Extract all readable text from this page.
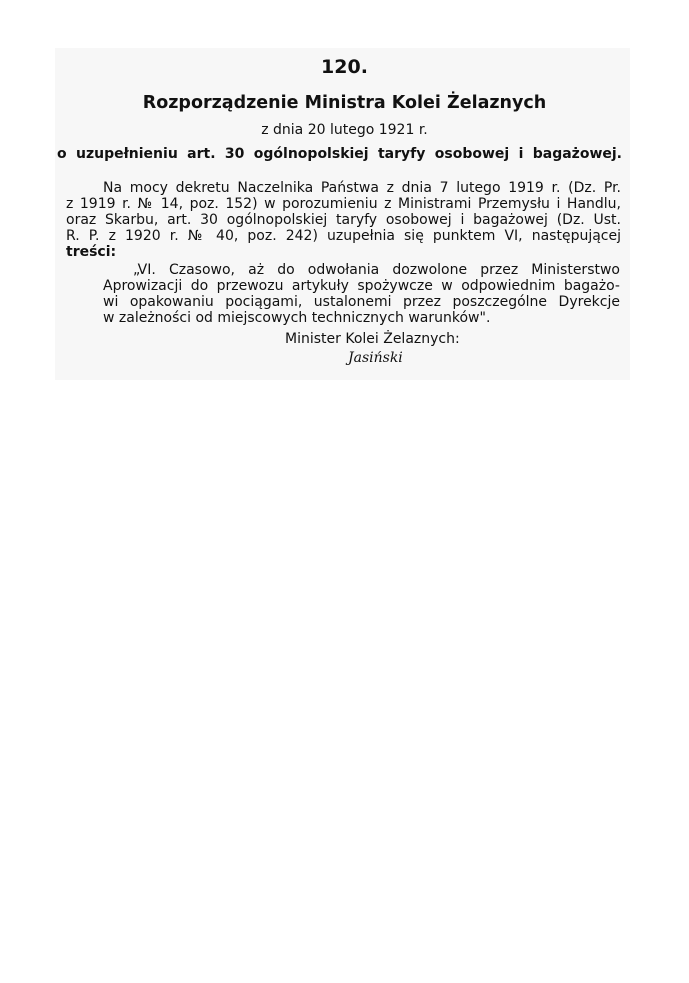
120.
Rozporządzenie Ministra Kolei Żelaznych
z dnia 20 lutego 1921 r.
o uzupełnieniu art. 30 ogólnopolskiej taryfy osobowej i bagażowej.
Na mocy dekretu Naczelnika Państwa z dnia 7 lutego 1919 r. (Dz. Pr.
z 1919 r. № 14, poz. 152) w porozumieniu z Ministrami Przemysłu i Handlu,
oraz Skarbu, art. 30 ogólnopolskiej taryfy osobowej i bagażowej (Dz. Ust.
R. P. z 1920 r. № 40, poz. 242) uzupełnia się punktem VI, następującej
treści:
„VI. Czasowo, aż do odwołania dozwolone przez Ministerstwo
Aprowizacji do przewozu artykuły spożywcze w odpowiednim bagażo-
wi opakowaniu pociągami, ustalonemi przez poszczególne Dyrekcje
w zależności od miejscowych technicznych warunków".
Minister Kolei Żelaznych:
Jasiński
